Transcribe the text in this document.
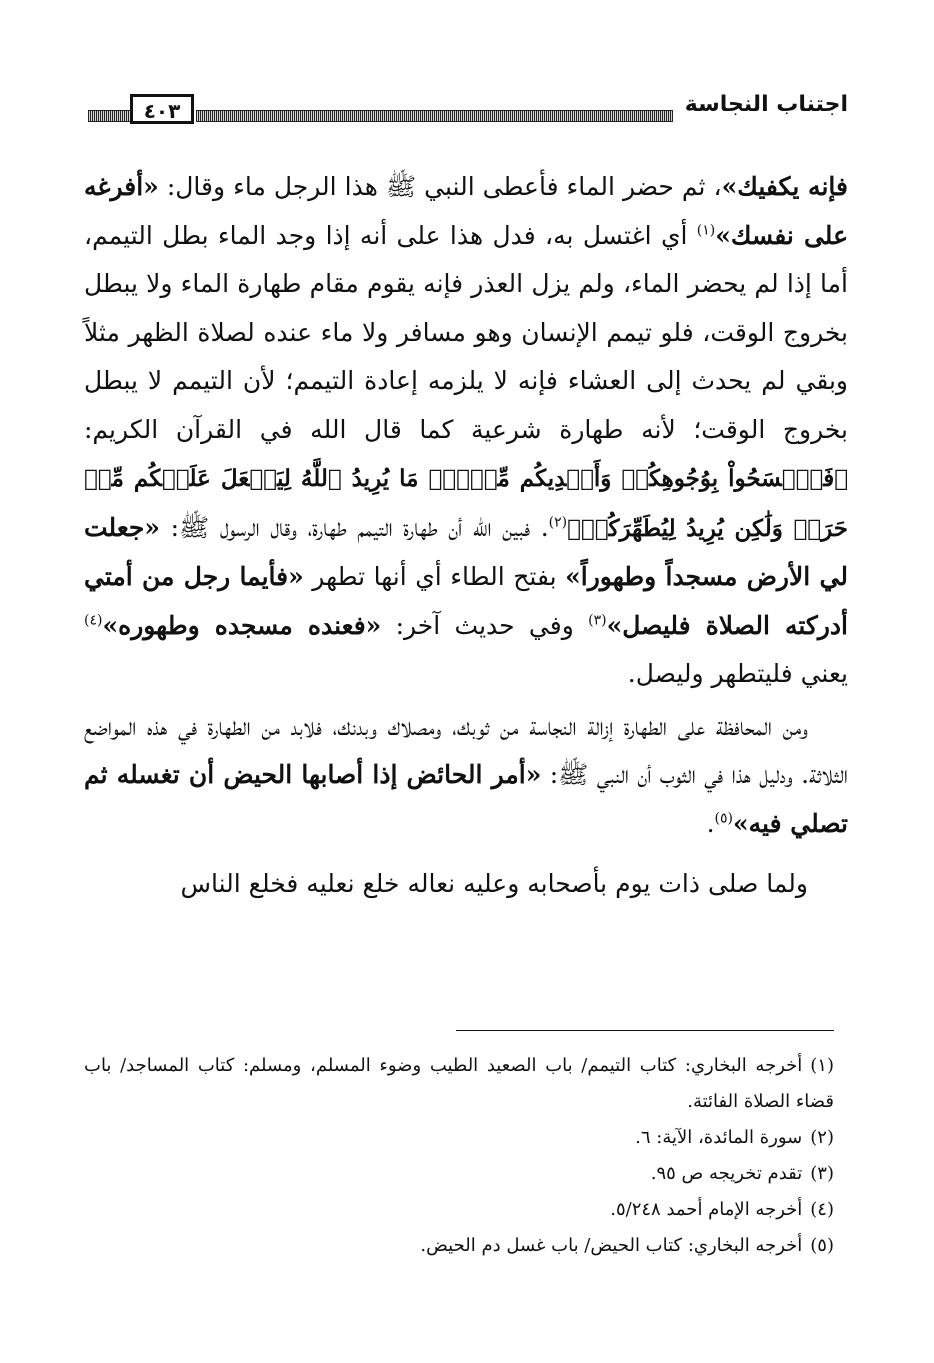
٤٠٣	اجتناب النجاسة

فإنه يكفيك»، ثم حضر الماء فأعطى النبي ﷺ هذا الرجل ماء وقال: «أفرغه على نفسك»$^{(١)}$ أي اغتسل به، فدل هذا على أنه إذا وجد الماء بطل التيمم، أما إذا لم يحضر الماء، ولم يزل العذر فإنه يقوم مقام طهارة الماء ولا يبطل بخروج الوقت، فلو تيمم الإنسان وهو مسافر ولا ماء عنده لصلاة الظهر مثلاً وبقي لم يحدث إلى العشاء فإنه لا يلزمه إعادة التيمم؛ لأن التيمم لا يبطل بخروج الوقت؛ لأنه طهارة شرعية كما قال الله في القرآن الكريم: ﴿فَٱمۡسَحُواْ بِوُجُوهِكُمۡ وَأَيۡدِيكُم مِّنۡهُۚ مَا يُرِيدُ ٱللَّهُ لِيَجۡعَلَ عَلَيۡكُم مِّنۡ حَرَجٖ وَلَٰكِن يُرِيدُ لِيُطَهِّرَكُمۡ﴾$^{(٢)}$. فبين الله أن طهارة التيمم طهارة، وقال الرسول ﷺ: «جعلت لي الأرض مسجداً وطهوراً» بفتح الطاء أي أنها تطهر «فأيما رجل من أمتي أدركته الصلاة فليصل»$^{(٣)}$ وفي حديث آخر: «فعنده مسجده وطهوره»$^{(٤)}$ يعني فليتطهر وليصل.

ومن المحافظة على الطهارة إزالة النجاسة من ثوبك، ومصلاك وبدنك، فلابد من الطهارة في هذه المواضع الثلاثة. ودليل هذا في الثوب أن النبي ﷺ: «أمر الحائض إذا أصابها الحيض أن تغسله ثم تصلي فيه»$^{(٥)}$.

ولما صلى ذات يوم بأصحابه وعليه نعاله خلع نعليه فخلع الناس

(١)أخرجه البخاري: كتاب التيمم/ باب الصعيد الطيب وضوء المسلم، ومسلم: كتاب المساجد/ باب قضاء الصلاة الفائتة.

(٢)سورة المائدة، الآية: ٦.

(٣)تقدم تخريجه ص ٩٥.

(٤)أخرجه الإمام أحمد ٥/٢٤٨.

(٥)أخرجه البخاري: كتاب الحيض/ باب غسل دم الحيض.
